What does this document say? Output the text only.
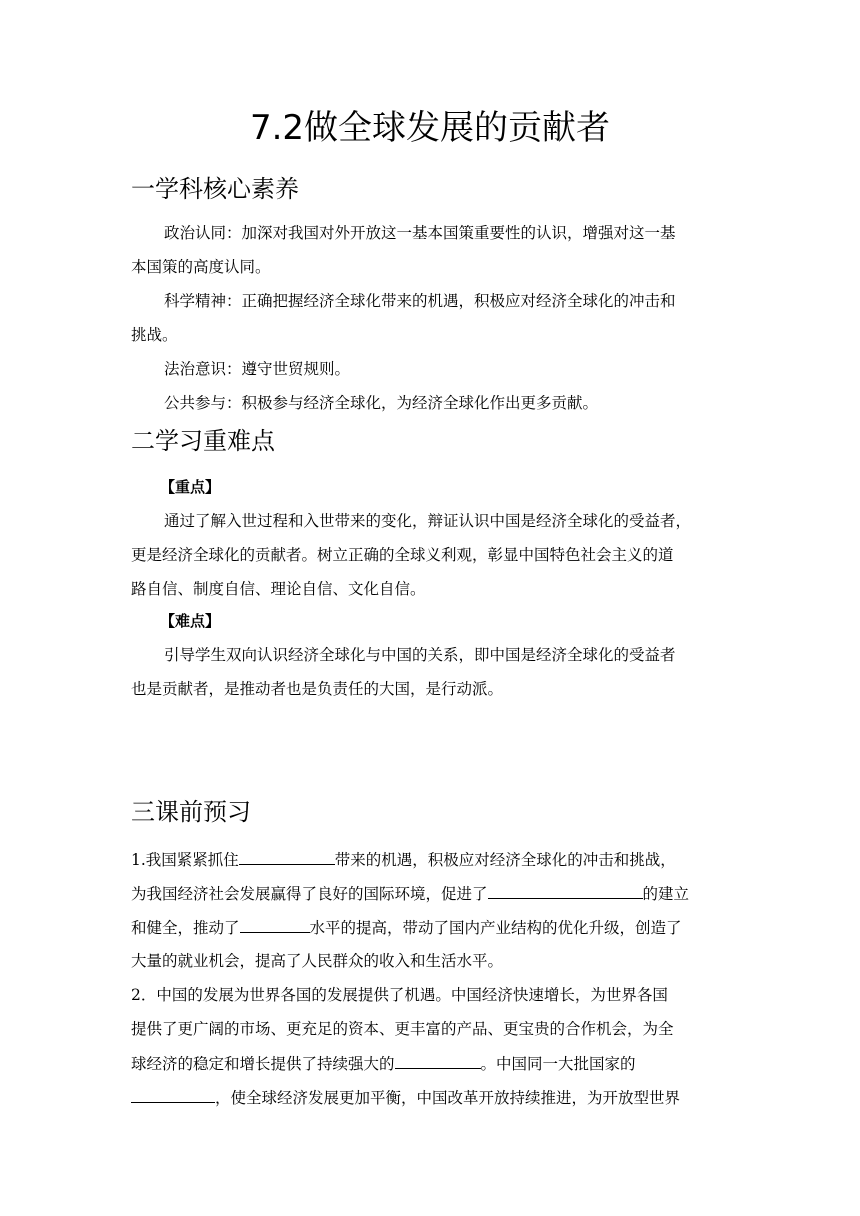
7.2做全球发展的贡献者
一学科核心素养
政治认同：加深对我国对外开放这一基本国策重要性的认识，增强对这一基
本国策的高度认同。
科学精神：正确把握经济全球化带来的机遇，积极应对经济全球化的冲击和
挑战。
法治意识：遵守世贸规则。
公共参与：积极参与经济全球化，为经济全球化作出更多贡献。
二学习重难点
【重点】
通过了解入世过程和入世带来的变化，辩证认识中国是经济全球化的受益者，
更是经济全球化的贡献者。树立正确的全球义利观，彰显中国特色社会主义的道
路自信、制度自信、理论自信、文化自信。
【难点】
引导学生双向认识经济全球化与中国的关系，即中国是经济全球化的受益者
也是贡献者，是推动者也是负责任的大国，是行动派。
三课前预习
1.我国紧紧抓住	带来的机遇，积极应对经济全球化的冲击和挑战，
为我国经济社会发展赢得了良好的国际环境，促进了	的建立
和健全，推动了	水平的提高，带动了国内产业结构的优化升级，创造了
大量的就业机会，提高了人民群众的收入和生活水平。
2．中国的发展为世界各国的发展提供了机遇。中国经济快速增长，为世界各国
提供了更广阔的市场、更充足的资本、更丰富的产品、更宝贵的合作机会，为全
球经济的稳定和增长提供了持续强大的	。中国同一大批国家的
，使全球经济发展更加平衡，中国改革开放持续推进，为开放型世界
